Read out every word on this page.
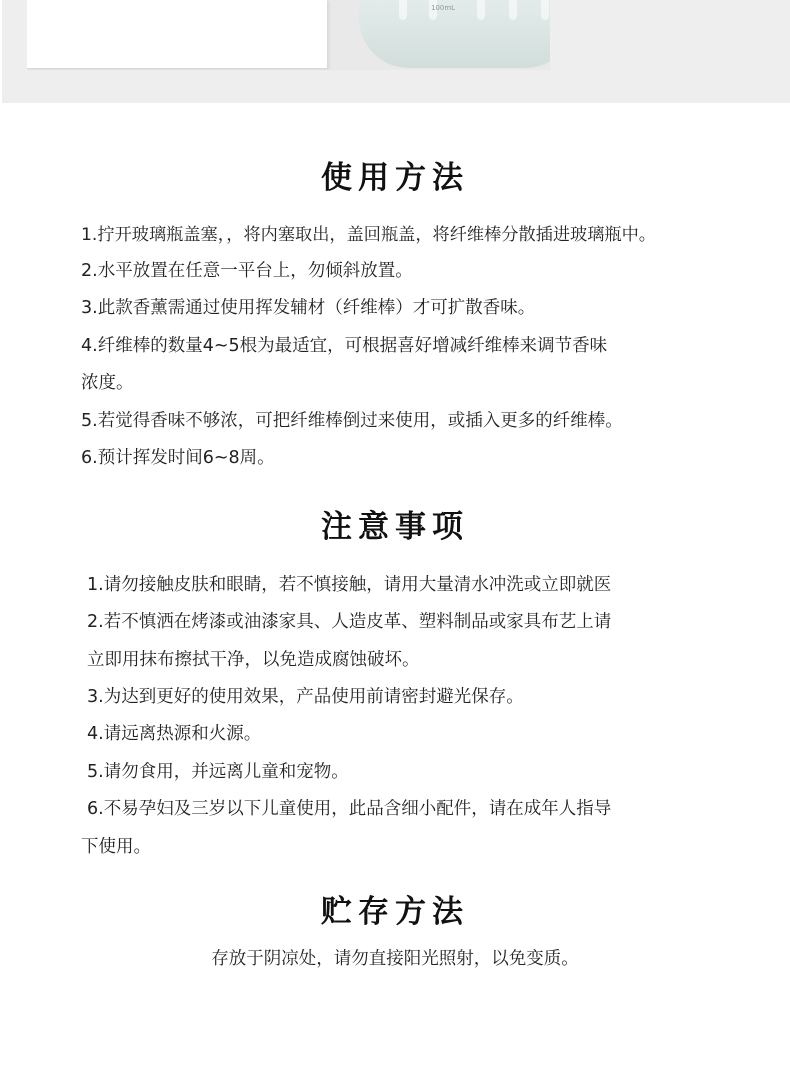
100mL
使用方法

1.拧开玻璃瓶盖塞，，将内塞取出，盖回瓶盖，将纤维棒分散插进玻璃瓶中。

2.水平放置在任意一平台上，勿倾斜放置。

3.此款香薰需通过使用挥发辅材（纤维棒）才可扩散香味。

4.纤维棒的数量4~5根为最适宜，可根据喜好增减纤维棒来调节香味

浓度。

5.若觉得香味不够浓，可把纤维棒倒过来使用，或插入更多的纤维棒。

6.预计挥发时间6~8周。

注意事项

1.请勿接触皮肤和眼睛，若不慎接触，请用大量清水冲洗或立即就医

2.若不慎洒在烤漆或油漆家具、人造皮革、塑料制品或家具布艺上请

立即用抹布擦拭干净，以免造成腐蚀破坏。

3.为达到更好的使用效果，产品使用前请密封避光保存。

4.请远离热源和火源。

5.请勿食用，并远离儿童和宠物。

6.不易孕妇及三岁以下儿童使用，此品含细小配件，请在成年人指导

下使用。

贮存方法

存放于阴凉处，请勿直接阳光照射，以免变质。
